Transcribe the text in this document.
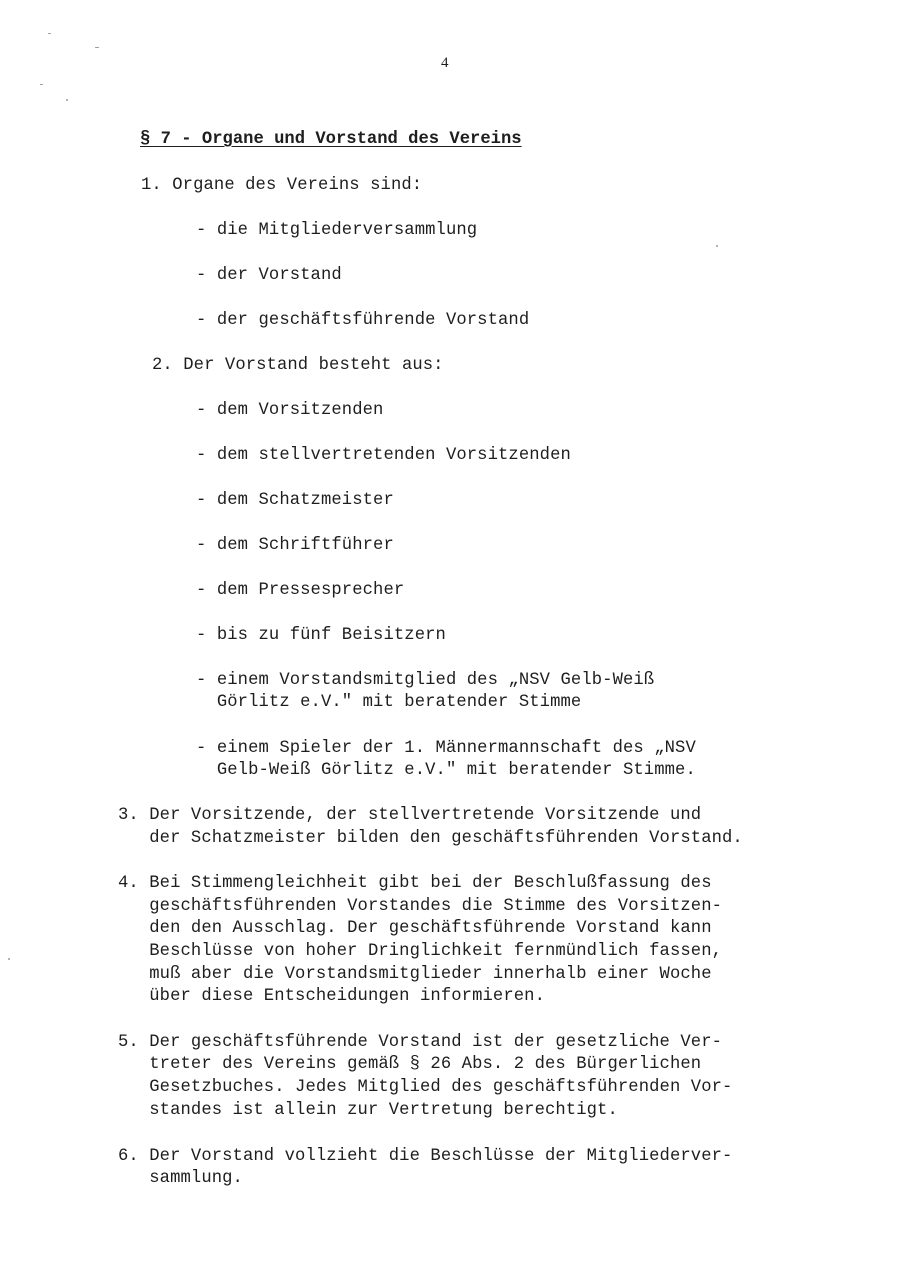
4
§ 7 - Organe und Vorstand des Vereins
1. Organe des Vereins sind:
- die Mitgliederversammlung
- der Vorstand
- der geschäftsführende Vorstand
2. Der Vorstand besteht aus:
- dem Vorsitzenden
- dem stellvertretenden Vorsitzenden
- dem Schatzmeister
- dem Schriftführer
- dem Pressesprecher
- bis zu fünf Beisitzern
- einem Vorstandsmitglied des „NSV Gelb-Weiß
Görlitz e.V." mit beratender Stimme
- einem Spieler der 1. Männermannschaft des „NSV
Gelb-Weiß Görlitz e.V." mit beratender Stimme.
3. Der Vorsitzende, der stellvertretende Vorsitzende und
der Schatzmeister bilden den geschäftsführenden Vorstand.
4. Bei Stimmengleichheit gibt bei der Beschlußfassung des
geschäftsführenden Vorstandes die Stimme des Vorsitzen-
den den Ausschlag. Der geschäftsführende Vorstand kann
Beschlüsse von hoher Dringlichkeit fernmündlich fassen,
muß aber die Vorstandsmitglieder innerhalb einer Woche
über diese Entscheidungen informieren.
5. Der geschäftsführende Vorstand ist der gesetzliche Ver-
treter des Vereins gemäß § 26 Abs. 2 des Bürgerlichen
Gesetzbuches. Jedes Mitglied des geschäftsführenden Vor-
standes ist allein zur Vertretung berechtigt.
6. Der Vorstand vollzieht die Beschlüsse der Mitgliederver-
sammlung.
